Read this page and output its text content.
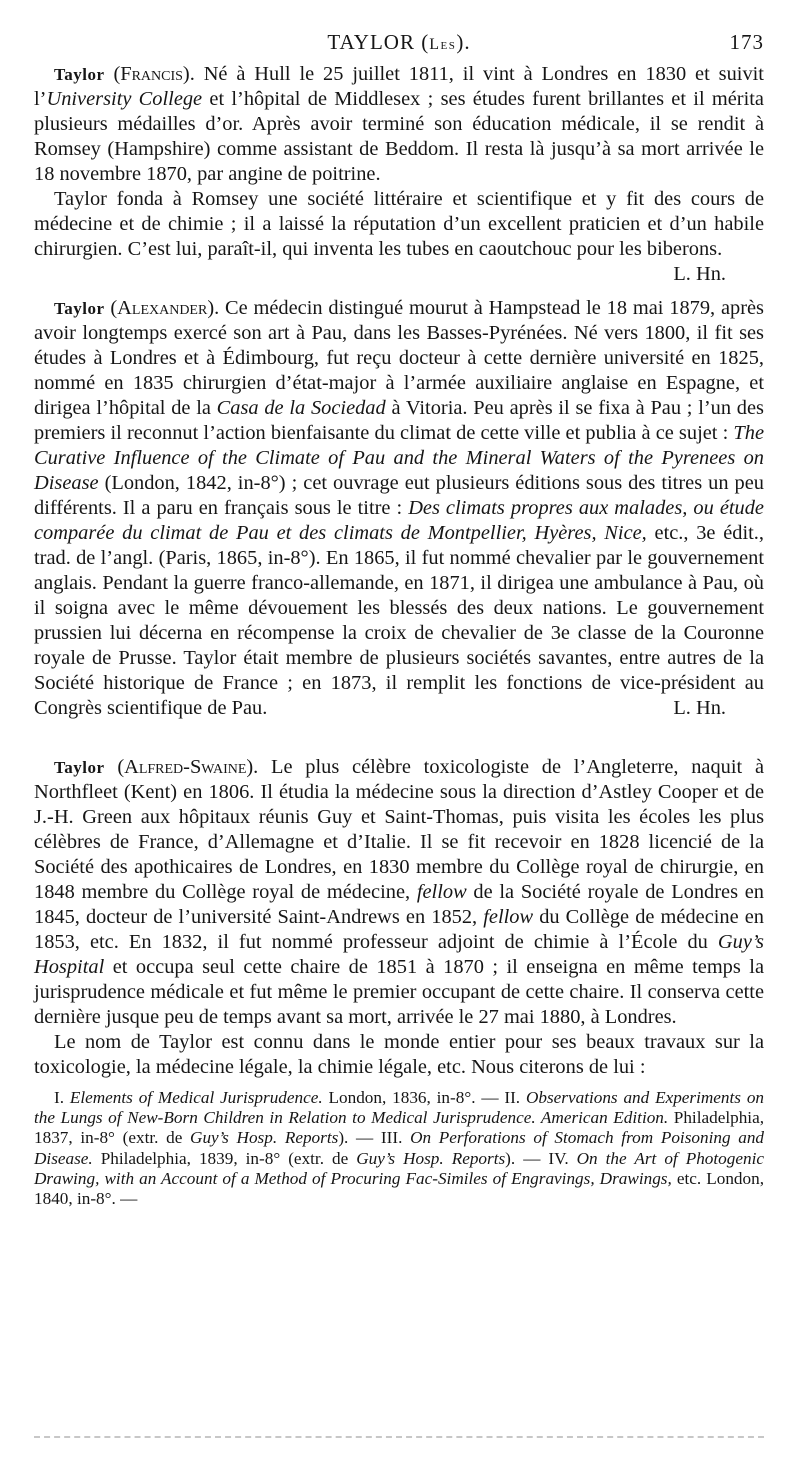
TAYLOR (Les).	173

Taylor (Francis). Né à Hull le 25 juillet 1811, il vint à Londres en 1830 et suivit l’University College et l’hôpital de Middlesex ; ses études furent brillantes et il mérita plusieurs médailles d’or. Après avoir terminé son éducation médicale, il se rendit à Romsey (Hampshire) comme assistant de Beddom. Il resta là jusqu’à sa mort arrivée le 18 novembre 1870, par angine de poitrine.

Taylor fonda à Romsey une société littéraire et scientifique et y fit des cours de médecine et de chimie ; il a laissé la réputation d’un excellent praticien et d’un habile chirurgien. C’est lui, paraît-il, qui inventa les tubes en caoutchouc pour les biberons.
L. Hn.

Taylor (Alexander). Ce médecin distingué mourut à Hampstead le 18 mai 1879, après avoir longtemps exercé son art à Pau, dans les Basses-Pyrénées. Né vers 1800, il fit ses études à Londres et à Édimbourg, fut reçu docteur à cette dernière université en 1825, nommé en 1835 chirurgien d’état-major à l’armée auxiliaire anglaise en Espagne, et dirigea l’hôpital de la Casa de la Sociedad à Vitoria. Peu après il se fixa à Pau ; l’un des premiers il reconnut l’action bienfaisante du climat de cette ville et publia à ce sujet : The Curative Influence of the Climate of Pau and the Mineral Waters of the Pyrenees on Disease (London, 1842, in-8°) ; cet ouvrage eut plusieurs éditions sous des titres un peu différents. Il a paru en français sous le titre : Des climats propres aux malades, ou étude comparée du climat de Pau et des climats de Montpellier, Hyères, Nice, etc., 3e édit., trad. de l’angl. (Paris, 1865, in-8°). En 1865, il fut nommé chevalier par le gouvernement anglais. Pendant la guerre franco-allemande, en 1871, il dirigea une ambulance à Pau, où il soigna avec le même dévouement les blessés des deux nations. Le gouvernement prussien lui décerna en récompense la croix de chevalier de 3e classe de la Couronne royale de Prusse. Taylor était membre de plusieurs sociétés savantes, entre autres de la Société historique de France ; en 1873, il remplit les fonctions de vice-président au Congrès scientifique de Pau.	L. Hn.

Taylor (Alfred-Swaine). Le plus célèbre toxicologiste de l’Angleterre, naquit à Northfleet (Kent) en 1806. Il étudia la médecine sous la direction d’Astley Cooper et de J.-H. Green aux hôpitaux réunis Guy et Saint-Thomas, puis visita les écoles les plus célèbres de France, d’Allemagne et d’Italie. Il se fit recevoir en 1828 licencié de la Société des apothicaires de Londres, en 1830 membre du Collège royal de chirurgie, en 1848 membre du Collège royal de médecine, fellow de la Société royale de Londres en 1845, docteur de l’université Saint-Andrews en 1852, fellow du Collège de médecine en 1853, etc. En 1832, il fut nommé professeur adjoint de chimie à l’École du Guy’s Hospital et occupa seul cette chaire de 1851 à 1870 ; il enseigna en même temps la jurisprudence médicale et fut même le premier occupant de cette chaire. Il conserva cette dernière jusque peu de temps avant sa mort, arrivée le 27 mai 1880, à Londres.

Le nom de Taylor est connu dans le monde entier pour ses beaux travaux sur la toxicologie, la médecine légale, la chimie légale, etc. Nous citerons de lui :

I. Elements of Medical Jurisprudence. London, 1836, in-8°. — II. Observations and Experiments on the Lungs of New-Born Children in Relation to Medical Jurisprudence. American Edition. Philadelphia, 1837, in-8° (extr. de Guy’s Hosp. Reports). — III. On Perforations of Stomach from Poisoning and Disease. Philadelphia, 1839, in-8° (extr. de Guy’s Hosp. Reports). — IV. On the Art of Photogenic Drawing, with an Account of a Method of Procuring Fac-Similes of Engravings, Drawings, etc. London, 1840, in-8°. —
